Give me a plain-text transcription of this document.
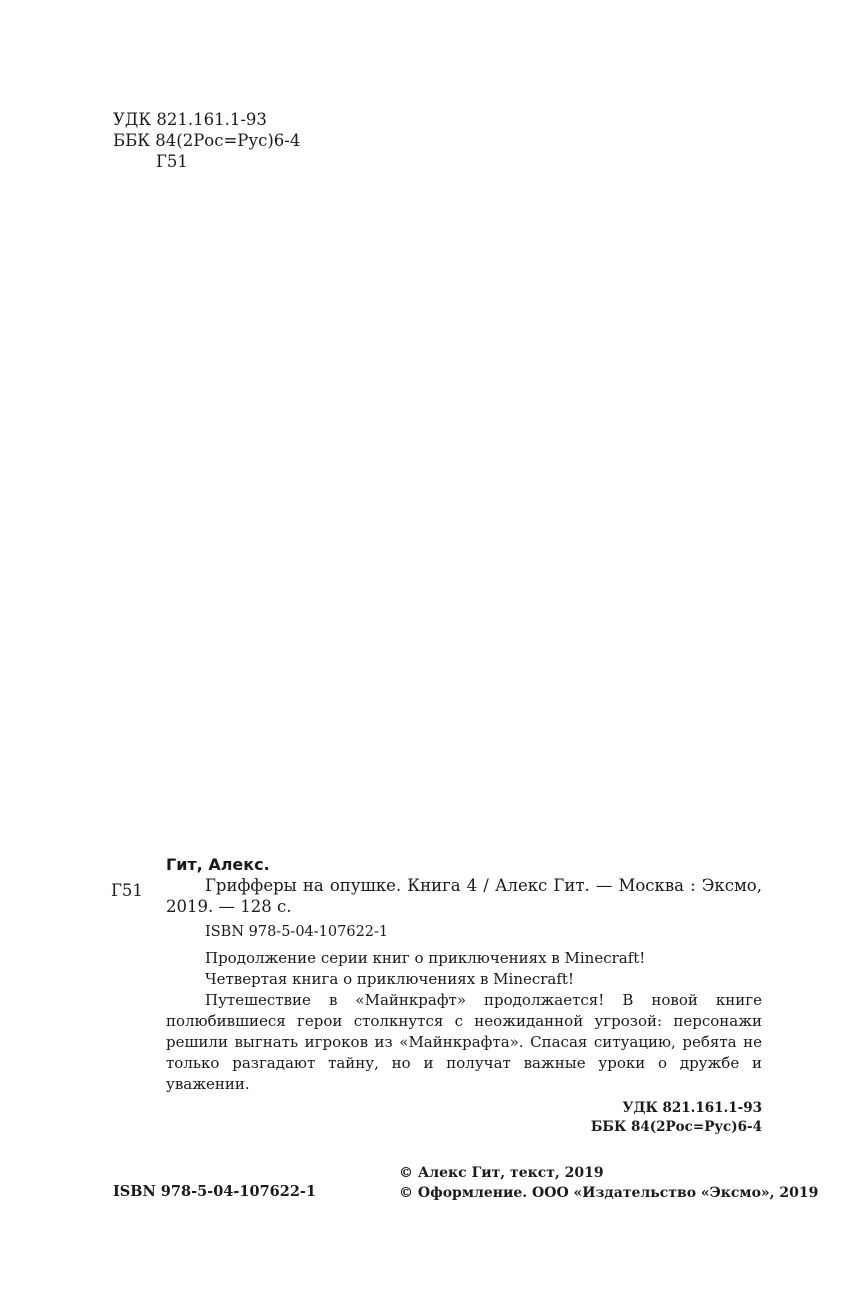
УДК 821.161.1-93
ББК 84(2Рос=Рус)6-4
Г51
Г51
Гит, Алекс.

Грифферы на опушке. Книга 4 / Алекс Гит. — Москва : Эксмо, 2019. — 128 с.

ISBN 978-5-04-107622-1

Продолжение серии книг о приключениях в Minecraft!

Четвертая книга о приключениях в Minecraft!

Путешествие в «Майнкрафт» продолжается! В новой книге полюбившиеся герои столкнутся с неожиданной угрозой: персонажи решили выгнать игроков из «Майнкрафта». Спасая ситуацию, ребята не только разгадают тайну, но и получат важные уроки о дружбе и уважении.

УДК 821.161.1-93
ББК 84(2Рос=Рус)6-4
ISBN 978-5-04-107622-1
© Алекс Гит, текст, 2019
© Оформление. ООО «Издательство «Эксмо», 2019
